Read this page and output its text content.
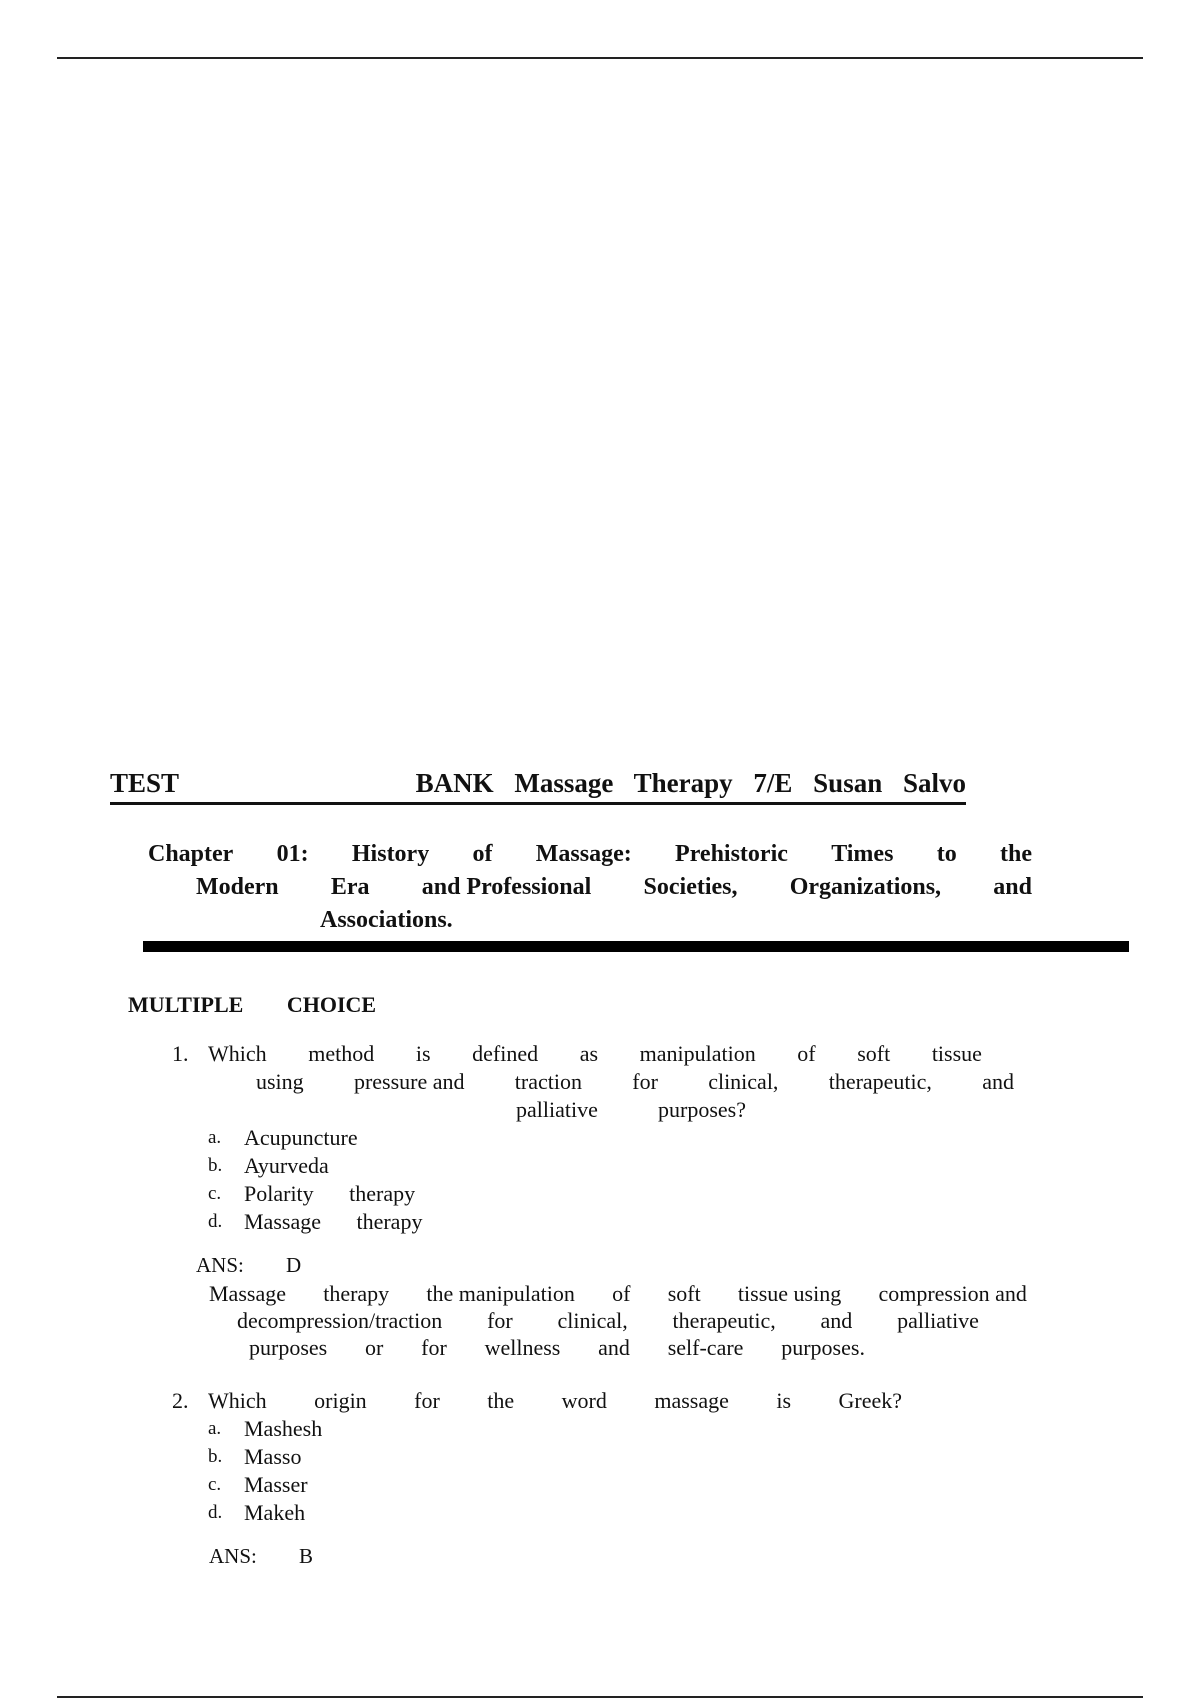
TEST	BANK Massage Therapy 7/E Susan Salvo
Chapter 01: History of Massage: Prehistoric Times to the
Modern Era and Professional Societies, Organizations, and
Associations.
MULTIPLE CHOICE
1. Which method is defined as manipulation of soft tissue
using pressure and traction for clinical, therapeutic, and
palliative	purposes?
a.	Acupuncture
b. Ayurveda
c.	Polarity therapy
d. Massage therapy
ANS: D
Massage therapy the manipulation of soft tissue using compression and
decompression/traction for clinical, therapeutic, and palliative
purposes or for wellness and self-care purposes.
2. Which origin for the word massage is Greek?
a.	Mashesh
b. Masso
c.	Masser
d. Makeh
ANS: B
